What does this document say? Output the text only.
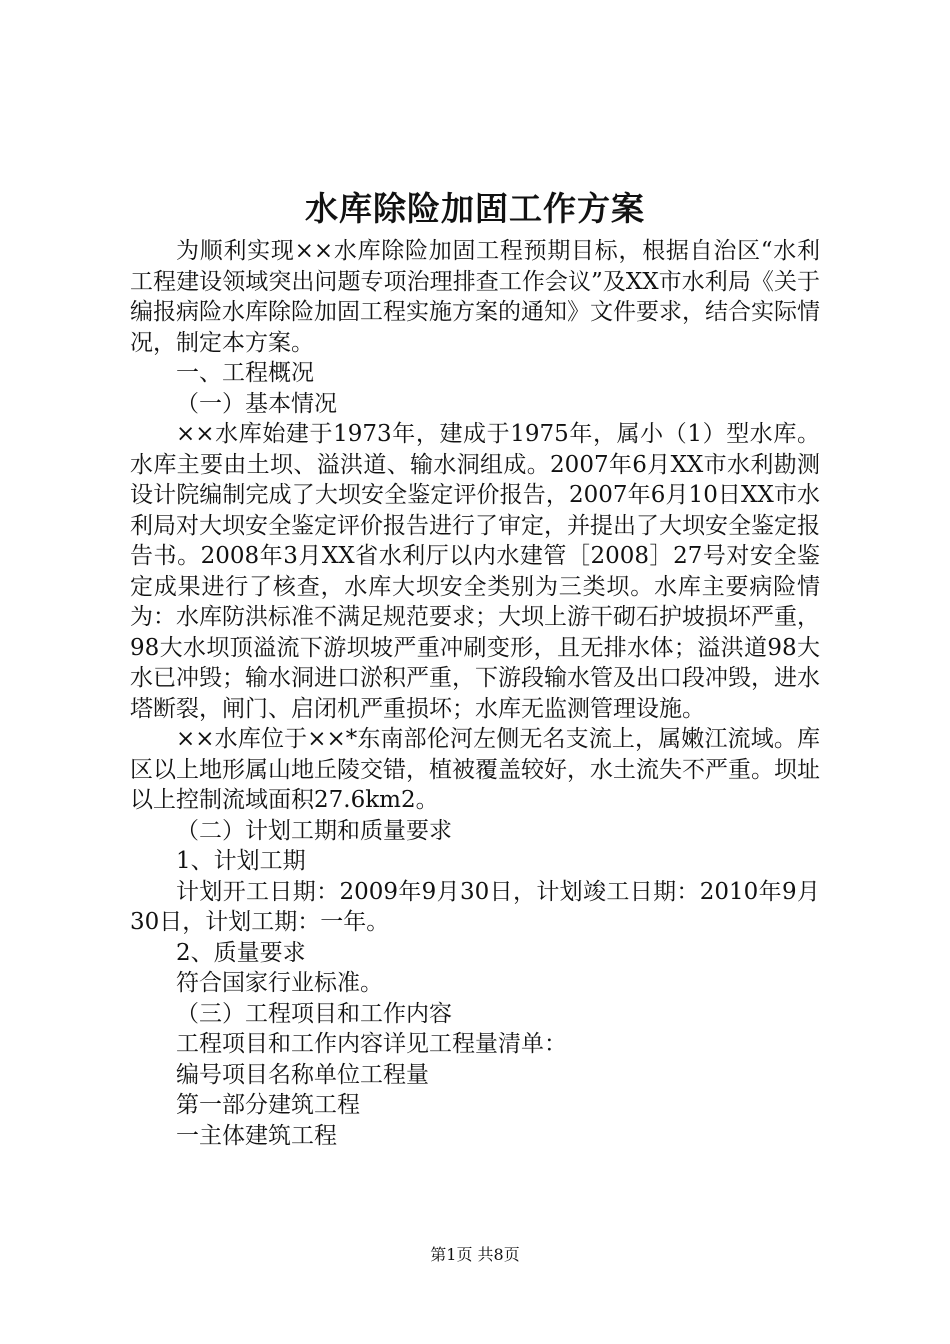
水库除险加固工作方案

为顺利实现××水库除险加固工程预期目标，根据自治区“水利工程建设领域突出问题专项治理排查工作会议”及XX市水利局《关于编报病险水库除险加固工程实施方案的通知》文件要求，结合实际情况，制定本方案。

一、工程概况

（一）基本情况

××水库始建于1973年，建成于1975年，属小（1）型水库。水库主要由土坝、溢洪道、输水洞组成。2007年6月XX市水利勘测设计院编制完成了大坝安全鉴定评价报告，2007年6月10日XX市水利局对大坝安全鉴定评价报告进行了审定，并提出了大坝安全鉴定报告书。2008年3月XX省水利厅以内水建管［2008］27号对安全鉴定成果进行了核查，水库大坝安全类别为三类坝。水库主要病险情为：水库防洪标准不满足规范要求；大坝上游干砌石护坡损坏严重，98大水坝顶溢流下游坝坡严重冲刷变形，且无排水体；溢洪道98大水已冲毁；输水洞进口淤积严重，下游段输水管及出口段冲毁，进水塔断裂，闸门、启闭机严重损坏；水库无监测管理设施。

××水库位于××*东南部伦河左侧无名支流上，属嫩江流域。库区以上地形属山地丘陵交错，植被覆盖较好，水土流失不严重。坝址以上控制流域面积27.6km2。

（二）计划工期和质量要求

1、计划工期

计划开工日期：2009年9月30日，计划竣工日期：2010年9月30日，计划工期：一年。

2、质量要求

符合国家行业标准。

（三）工程项目和工作内容

工程项目和工作内容详见工程量清单：

编号项目名称单位工程量

第一部分建筑工程

一主体建筑工程

第1页 共8页
